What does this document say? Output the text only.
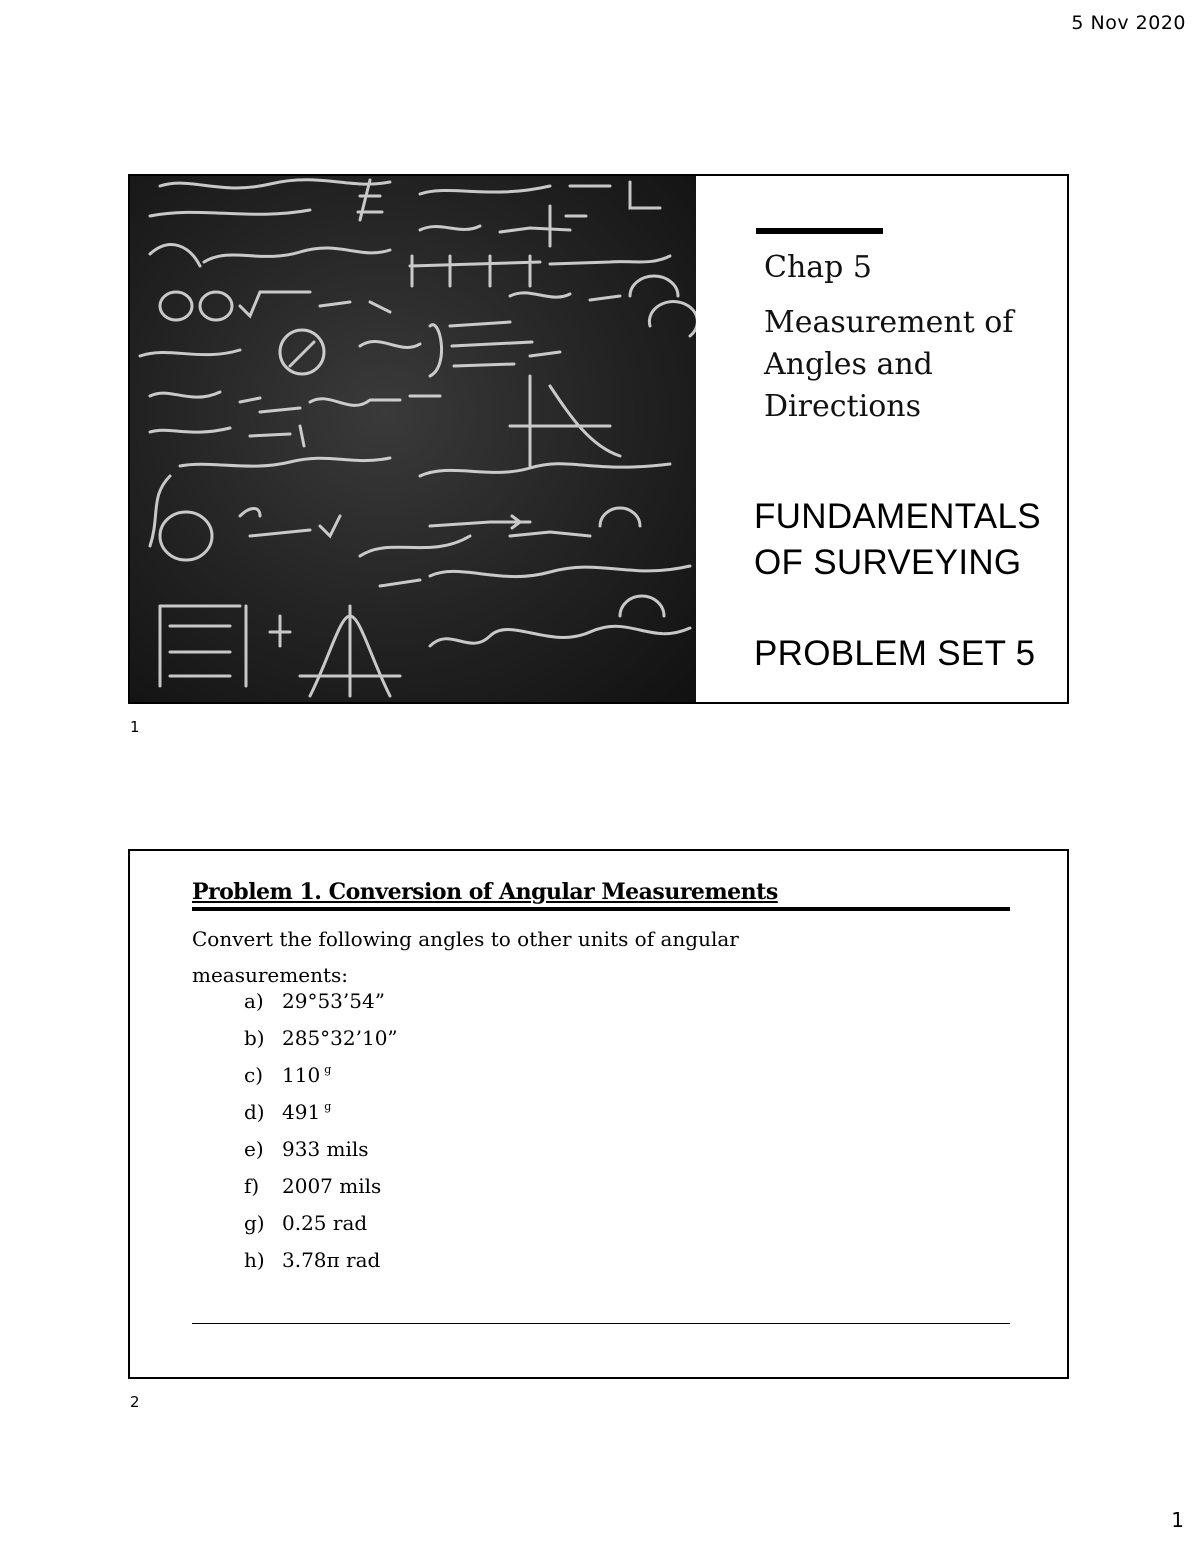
5 Nov 2020
Chap 5
Measurement of Angles and Directions
FUNDAMENTALS
OF SURVEYING
PROBLEM SET 5
1
Problem 1. Conversion of Angular Measurements
Convert the following angles to other units of angular measurements:
a) 29°53’54”
b) 285°32’10”
c) 110 g
d) 491 g
e) 933 mils
f)	2007 mils
g) 0.25 rad
h) 3.78π rad
2
1
